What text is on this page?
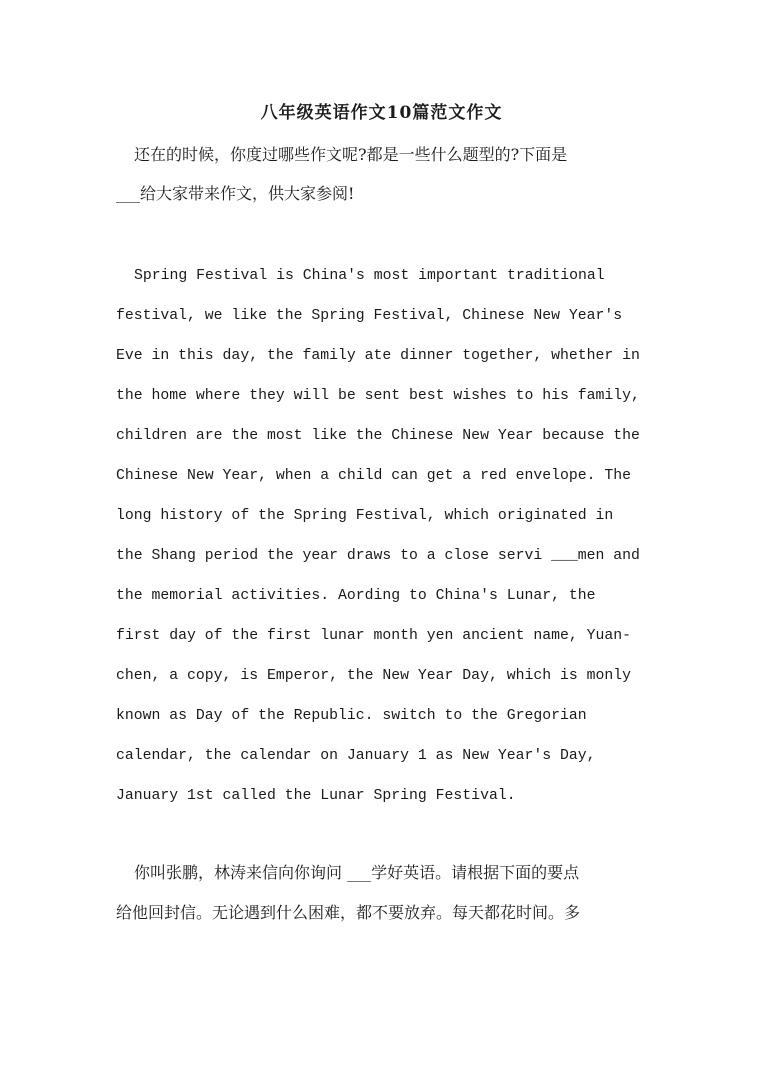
八年级英语作文10篇范文作文

还在的时候，你度过哪些作文呢?都是一些什么题型的?下面是

___给大家带来作文，供大家参阅!

Spring Festival is China's most important traditional

festival, we like the Spring Festival, Chinese New Year's

Eve in this day, the family ate dinner together, whether in

the home where they will be sent best wishes to his family,

children are the most like the Chinese New Year because the

Chinese New Year, when a child can get a red envelope. The

long history of the Spring Festival, which originated in

the Shang period the year draws to a close servi ___men and

the memorial activities. Aording to China's Lunar, the

first day of the first lunar month yen ancient name, Yuan-

chen, a copy, is Emperor, the New Year Day, which is monly

known as Day of the Republic. switch to the Gregorian

calendar, the calendar on January 1 as New Year's Day,

January 1st called the Lunar Spring Festival.

你叫张鹏，林涛来信向你询问 ___学好英语。请根据下面的要点

给他回封信。无论遇到什么困难，都不要放弃。每天都花时间。多
